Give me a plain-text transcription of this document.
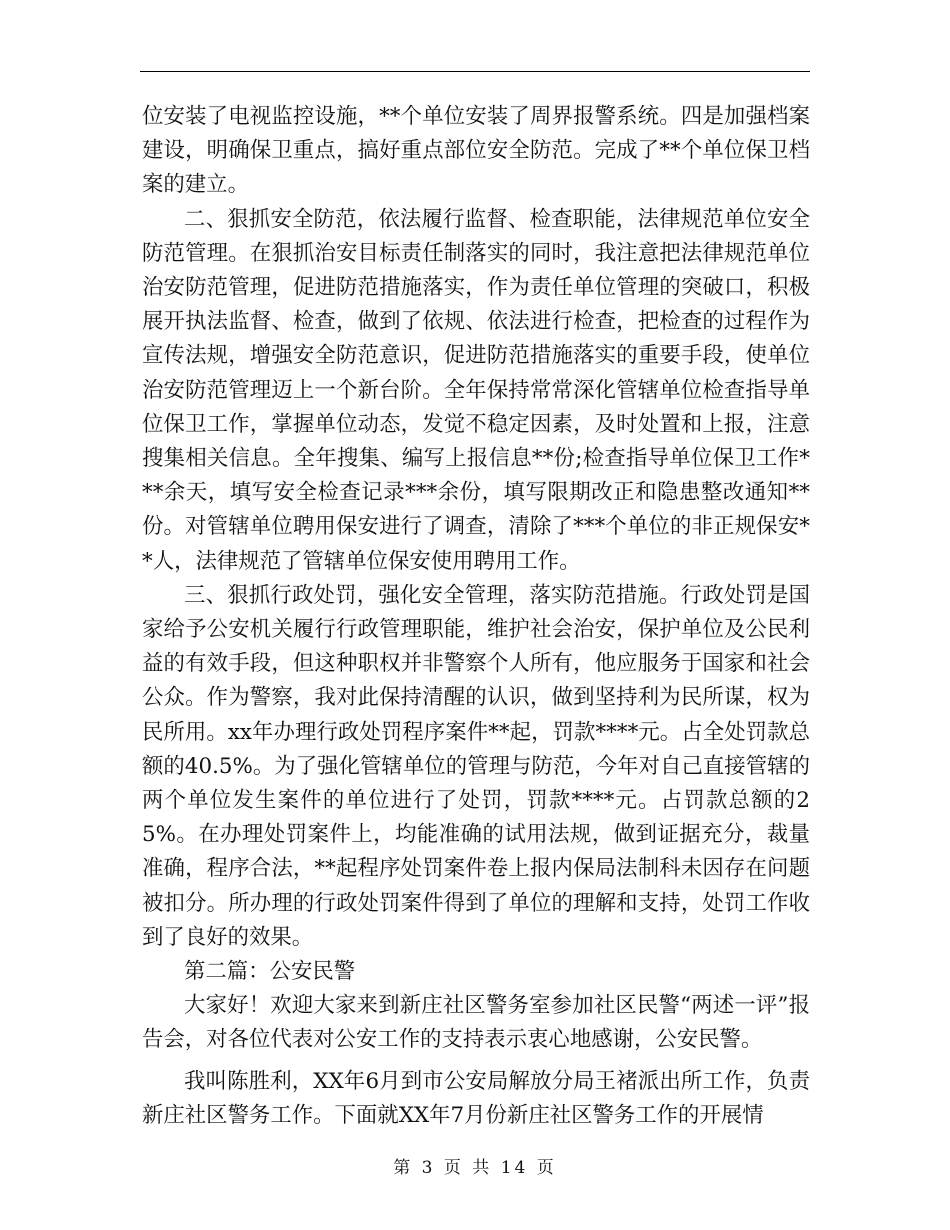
位安装了电视监控设施，**个单位安装了周界报警系统。四是加强档案建设，明确保卫重点，搞好重点部位安全防范。完成了**个单位保卫档案的建立。

二、狠抓安全防范，依法履行监督、检查职能，法律规范单位安全防范管理。在狠抓治安目标责任制落实的同时，我注意把法律规范单位治安防范管理，促进防范措施落实，作为责任单位管理的突破口，积极展开执法监督、检查，做到了依规、依法进行检查，把检查的过程作为宣传法规，增强安全防范意识，促进防范措施落实的重要手段，使单位治安防范管理迈上一个新台阶。全年保持常常深化管辖单位检查指导单位保卫工作，掌握单位动态，发觉不稳定因素，及时处置和上报，注意搜集相关信息。全年搜集、编写上报信息**份;检查指导单位保卫工作***余天，填写安全检查记录***余份，填写限期改正和隐患整改通知**份。对管辖单位聘用保安进行了调查，清除了***个单位的非正规保安**人，法律规范了管辖单位保安使用聘用工作。

三、狠抓行政处罚，强化安全管理，落实防范措施。行政处罚是国家给予公安机关履行行政管理职能，维护社会治安，保护单位及公民利益的有效手段，但这种职权并非警察个人所有，他应服务于国家和社会公众。作为警察，我对此保持清醒的认识，做到坚持利为民所谋，权为民所用。xx年办理行政处罚程序案件**起，罚款****元。占全处罚款总额的40.5%。为了强化管辖单位的管理与防范，今年对自己直接管辖的两个单位发生案件的单位进行了处罚，罚款****元。占罚款总额的25%。在办理处罚案件上，均能准确的试用法规，做到证据充分，裁量准确，程序合法，**起程序处罚案件卷上报内保局法制科未因存在问题被扣分。所办理的行政处罚案件得到了单位的理解和支持，处罚工作收到了良好的效果。

第二篇：公安民警

大家好！欢迎大家来到新庄社区警务室参加社区民警“两述一评”报告会，对各位代表对公安工作的支持表示衷心地感谢，公安民警。

我叫陈胜利，XX年6月到市公安局解放分局王褚派出所工作，负责新庄社区警务工作。下面就XX年7月份新庄社区警务工作的开展情

第 3 页 共 14 页
